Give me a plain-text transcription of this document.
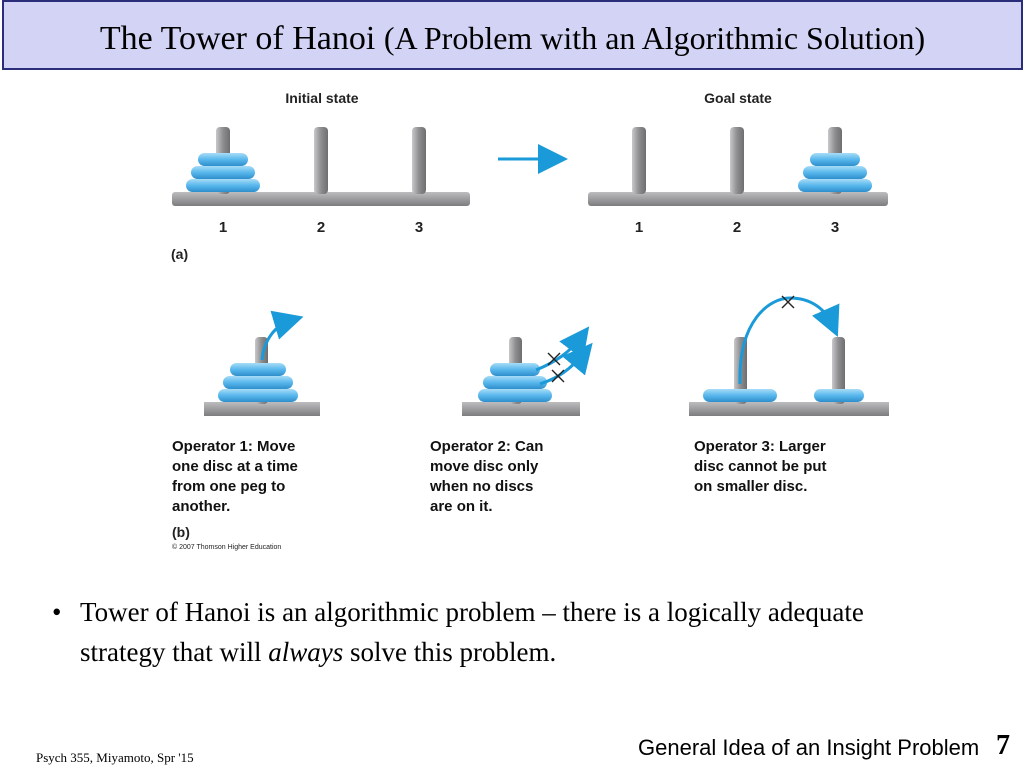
The Tower of Hanoi (A Problem with an Algorithmic Solution)
Initial state	Goal state
1	2	3	1	2	3
(a)
Operator 1: Move
one disc at a time
from one peg to
another.
Operator 2: Can
move disc only
when no discs
are on it.
Operator 3: Larger
disc cannot be put
on smaller disc.
(b)
© 2007 Thomson Higher Education
• Tower of Hanoi is an algorithmic problem – there is a logically adequate strategy that will always solve this problem.
Psych 355, Miyamoto, Spr '15	General Idea of an Insight Problem 7
